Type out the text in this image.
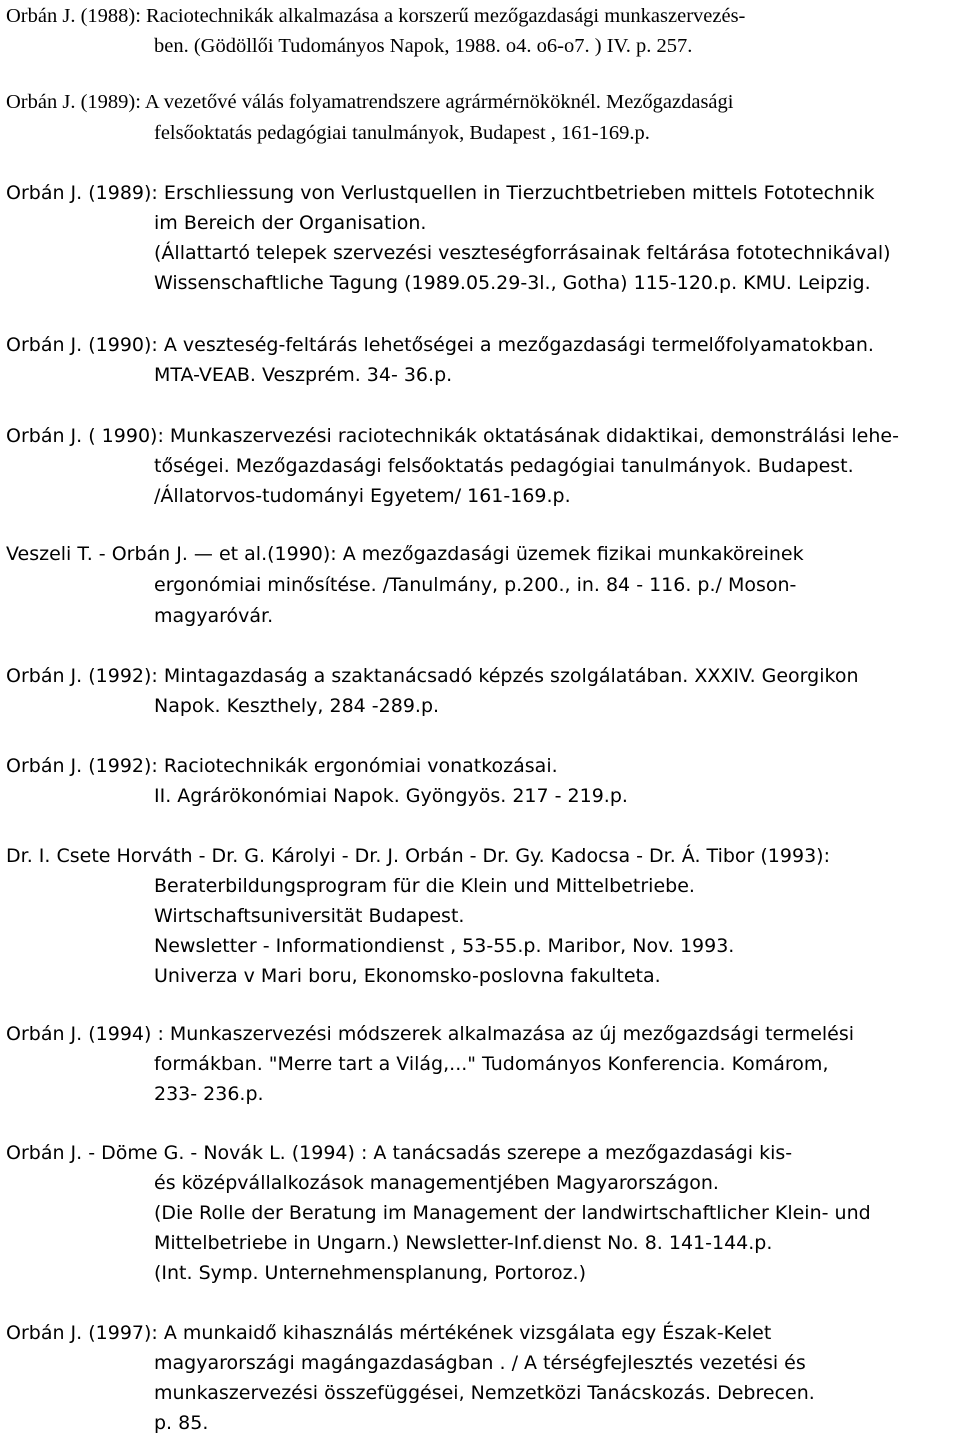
Orbán J. (1988): Raciotechnikák alkalmazása a korszerű mezőgazdasági munkaszervezés-
ben. (Gödöllői Tudományos Napok, 1988. o4. o6-o7. ) IV. p. 257.
Orbán J. (1989): A vezetővé válás folyamatrendszere agrármérnököknél. Mezőgazdasági
felsőoktatás pedagógiai tanulmányok, Budapest , 161-169.p.
Orbán J. (1989): Erschliessung von Verlustquellen in Tierzuchtbetrieben mittels Fototechnik
im Bereich der Organisation.
(Állattartó telepek szervezési veszteségforrásainak feltárása fototechnikával)
Wissenschaftliche Tagung (1989.05.29-3l., Gotha) 115-120.p. KMU. Leipzig.
Orbán J. (1990): A veszteség-feltárás lehetőségei a mezőgazdasági termelőfolyamatokban.
MTA-VEAB. Veszprém. 34- 36.p.
Orbán J. ( 1990): Munkaszervezési raciotechnikák oktatásának didaktikai, demonstrálási lehe-
tőségei. Mezőgazdasági felsőoktatás pedagógiai tanulmányok. Budapest.
/Állatorvos-tudományi Egyetem/ 161-169.p.
Veszeli T. - Orbán J. — et al.(1990): A mezőgazdasági üzemek fizikai munkaköreinek
ergonómiai minősítése. /Tanulmány, p.200., in. 84 - 116. p./ Moson-
magyaróvár.
Orbán J. (1992): Mintagazdaság a szaktanácsadó képzés szolgálatában. XXXIV. Georgikon
Napok. Keszthely, 284 -289.p.
Orbán J. (1992): Raciotechnikák ergonómiai vonatkozásai.
II. Agrárökonómiai Napok. Gyöngyös. 217 - 219.p.
Dr. I. Csete Horváth - Dr. G. Károlyi - Dr. J. Orbán - Dr. Gy. Kadocsa - Dr. Á. Tibor (1993):
Beraterbildungsprogram für die Klein und Mittelbetriebe.
Wirtschaftsuniversität Budapest.
Newsletter - Informationdienst , 53-55.p. Maribor, Nov. 1993.
Univerza v Mari boru, Ekonomsko-poslovna fakulteta.
Orbán J. (1994) : Munkaszervezési módszerek alkalmazása az új mezőgazdsági termelési
formákban. "Merre tart a Világ,..." Tudományos Konferencia. Komárom,
233- 236.p.
Orbán J. - Döme G. - Novák L. (1994) : A tanácsadás szerepe a mezőgazdasági kis-
és középvállalkozások managementjében Magyarországon.
(Die Rolle der Beratung im Management der landwirtschaftlicher Klein- und
Mittelbetriebe in Ungarn.) Newsletter-Inf.dienst No. 8. 141-144.p.
(Int. Symp. Unternehmensplanung, Portoroz.)
Orbán J. (1997): A munkaidő kihasználás mértékének vizsgálata egy Észak-Kelet
magyarországi magángazdaságban . / A térségfejlesztés vezetési és
munkaszervezési összefüggései, Nemzetközi Tanácskozás. Debrecen.
p. 85.
